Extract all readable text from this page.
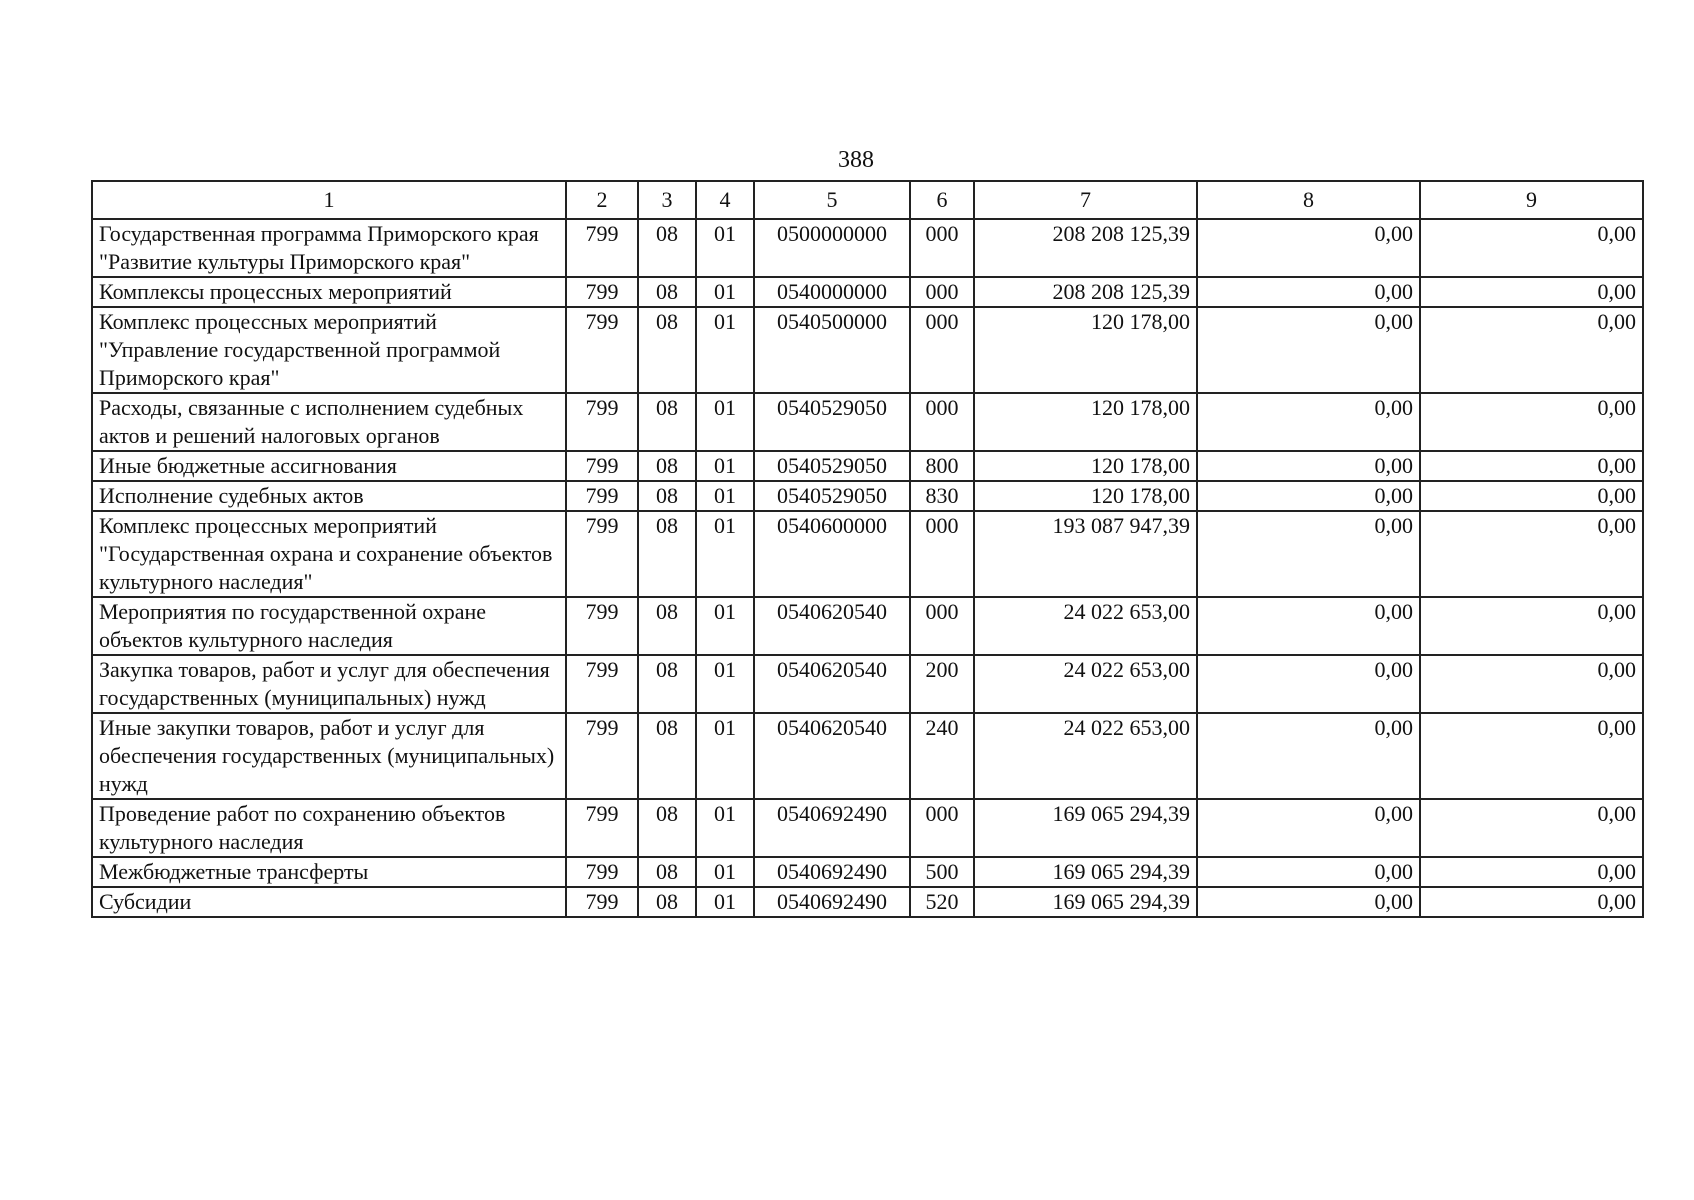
388
1	2	3	4	5	6	7	8	9
Государственная программа Приморского края "Развитие культуры Приморского края"	799	08	01	0500000000	000	208 208 125,39	0,00	0,00
Комплексы процессных мероприятий	799	08	01	0540000000	000	208 208 125,39	0,00	0,00
Комплекс процессных мероприятий "Управление государственной программой Приморского края"	799	08	01	0540500000	000	120 178,00	0,00	0,00
Расходы, связанные с исполнением судебных актов и решений налоговых органов	799	08	01	0540529050	000	120 178,00	0,00	0,00
Иные бюджетные ассигнования	799	08	01	0540529050	800	120 178,00	0,00	0,00
Исполнение судебных актов	799	08	01	0540529050	830	120 178,00	0,00	0,00
Комплекс процессных мероприятий "Государственная охрана и сохранение объектов культурного наследия"	799	08	01	0540600000	000	193 087 947,39	0,00	0,00
Мероприятия по государственной охране объектов культурного наследия	799	08	01	0540620540	000	24 022 653,00	0,00	0,00
Закупка товаров, работ и услуг для обеспечения государственных (муниципальных) нужд	799	08	01	0540620540	200	24 022 653,00	0,00	0,00
Иные закупки товаров, работ и услуг для обеспечения государственных (муниципальных) нужд	799	08	01	0540620540	240	24 022 653,00	0,00	0,00
Проведение работ по сохранению объектов культурного наследия	799	08	01	0540692490	000	169 065 294,39	0,00	0,00
Межбюджетные трансферты	799	08	01	0540692490	500	169 065 294,39	0,00	0,00
Субсидии	799	08	01	0540692490	520	169 065 294,39	0,00	0,00
